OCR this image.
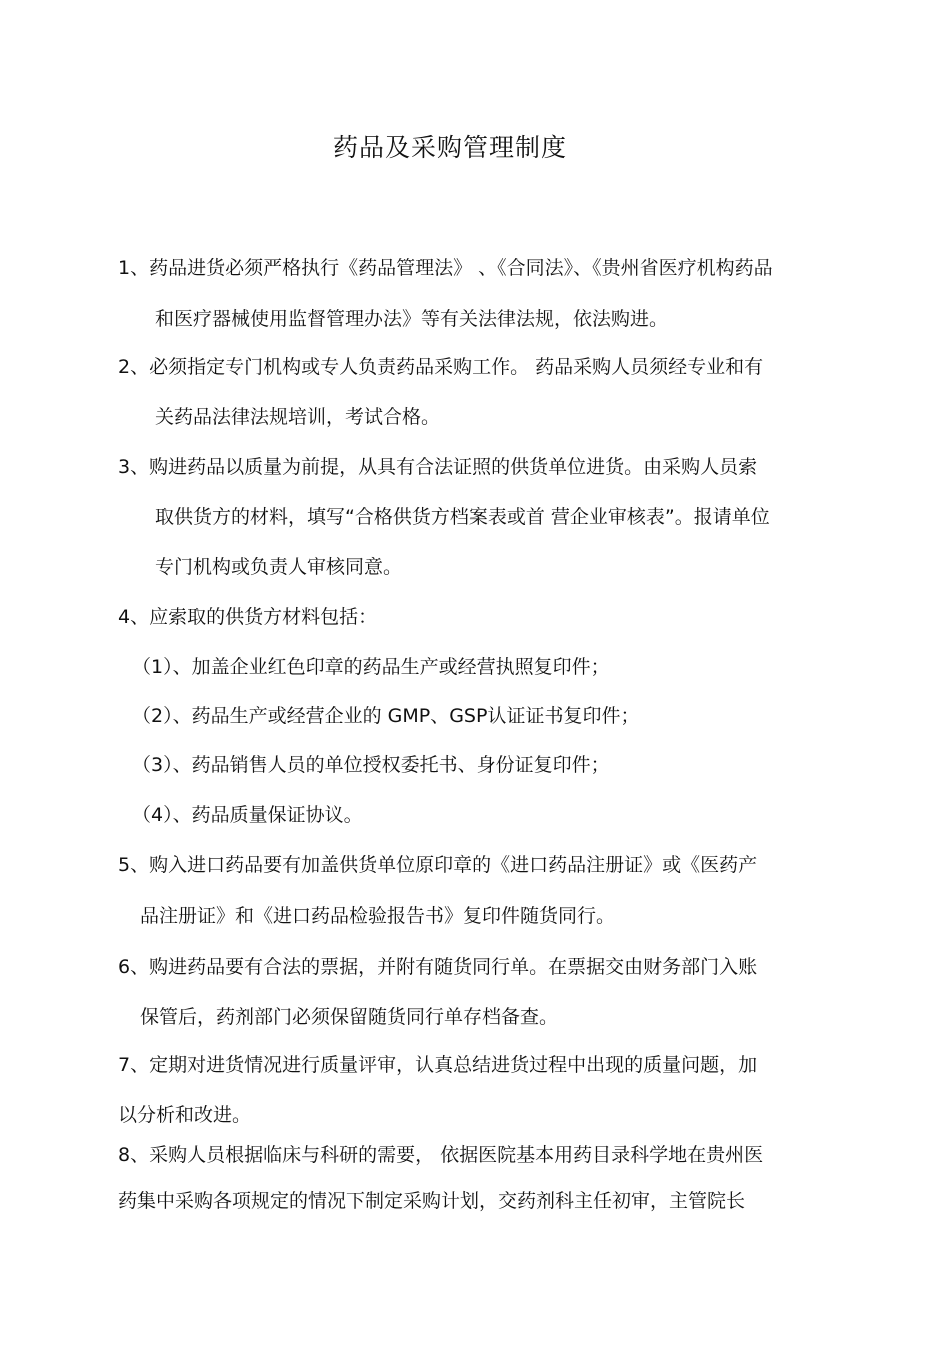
药品及采购管理制度
1、药品进货必须严格执行《药品管理法》 、《合同法》、《贵州省医疗机构药品
和医疗器械使用监督管理办法》等有关法律法规，依法购进。
2、必须指定专门机构或专人负责药品采购工作。 药品采购人员须经专业和有
关药品法律法规培训，考试合格。
3、购进药品以质量为前提，从具有合法证照的供货单位进货。由采购人员索
取供货方的材料，填写“合格供货方档案表或首 营企业审核表”。报请单位
专门机构或负责人审核同意。
4、应索取的供货方材料包括：
（1）、加盖企业红色印章的药品生产或经营执照复印件；
（2）、药品生产或经营企业的 GMP、GSP认证证书复印件；
（3）、药品销售人员的单位授权委托书、身份证复印件；
（4）、药品质量保证协议。
5、购入进口药品要有加盖供货单位原印章的《进口药品注册证》或《医药产
品注册证》和《进口药品检验报告书》复印件随货同行。
6、购进药品要有合法的票据，并附有随货同行单。在票据交由财务部门入账
保管后，药剂部门必须保留随货同行单存档备查。
7、定期对进货情况进行质量评审，认真总结进货过程中出现的质量问题，加
以分析和改进。
8、采购人员根据临床与科研的需要， 依据医院基本用药目录科学地在贵州医
药集中采购各项规定的情况下制定采购计划，交药剂科主任初审，主管院长
